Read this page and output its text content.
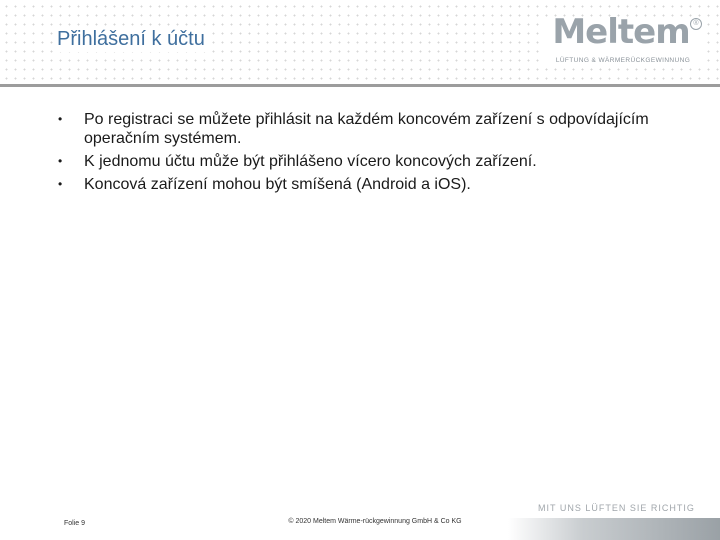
Přihlášení k účtu	Meltem ®
LÜFTUNG & WÄRMERÜCKGEWINNUNG
•	Po registraci se můžete přihlásit na každém koncovém zařízení s odpovídajícím operačním systémem.
•	K jednomu účtu může být přihlášeno vícero koncových zařízení.
•	Koncová zařízení mohou být smíšená (Android a iOS).
Folie 9	© 2020 Meltem Wärme-rückgewinnung GmbH & Co KG
MIT UNS LÜFTEN SIE RICHTIG
